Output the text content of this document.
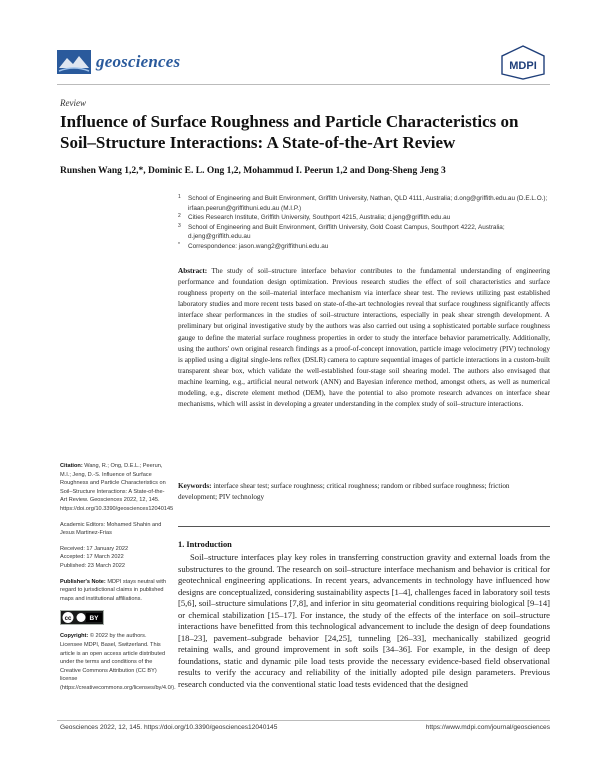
geosciences	MDPI
Review
Influence of Surface Roughness and Particle Characteristics on Soil–Structure Interactions: A State-of-the-Art Review
Runshen Wang 1,2,*, Dominic E. L. Ong 1,2, Mohammud I. Peerun 1,2 and Dong-Sheng Jeng 3
1 School of Engineering and Built Environment, Griffith University, Nathan, QLD 4111, Australia; d.ong@griffith.edu.au (D.E.L.O.); irfaan.peerun@griffithuni.edu.au (M.I.P.)
2 Cities Research Institute, Griffith University, Southport 4215, Australia; d.jeng@griffith.edu.au
3 School of Engineering and Built Environment, Griffith University, Gold Coast Campus, Southport 4222, Australia; d.jeng@griffith.edu.au
* Correspondence: jason.wang2@griffithuni.edu.au
Abstract: The study of soil–structure interface behavior contributes to the fundamental understanding of engineering performance and foundation design optimization. Previous research studies the effect of soil characteristics and surface roughness property on the soil–material interface mechanism via interface shear test. The reviews utilizing past established laboratory studies and more recent tests based on state-of-the-art technologies reveal that surface roughness significantly affects interface shear performances in the studies of soil–structure interactions, especially in peak shear strength development. A preliminary but original investigative study by the authors was also carried out using a sophisticated portable surface roughness gauge to define the material surface roughness properties in order to study the interface behavior parametrically. Additionally, using the authors' own original research findings as a proof-of-concept innovation, particle image velocimetry (PIV) technology is applied using a digital single-lens reflex (DSLR) camera to capture sequential images of particle interactions in a custom-built transparent shear box, which validate the well-established four-stage soil shearing model. The authors also envisaged that machine learning, e.g., artificial neural network (ANN) and Bayesian inference method, amongst others, as well as numerical modeling, e.g., discrete element method (DEM), have the potential to also promote research advances on interface shear mechanisms, which will assist in developing a greater understanding in the complex study of soil–structure interactions.
Keywords: interface shear test; surface roughness; critical roughness; random or ribbed surface roughness; friction development; PIV technology

Citation: Wang, R.; Ong, D.E.L.; Peerun, M.I.; Jeng, D.-S. Influence of Surface Roughness and Particle Characteristics on Soil–Structure Interactions: A State-of-the-Art Review. Geosciences 2022, 12, 145. https://doi.org/10.3390/geosciences12040145

Academic Editors: Mohamed Shahin and Jesus Martinez-Frias

Received: 17 January 2022
Accepted: 17 March 2022
Published: 23 March 2022

Publisher's Note: MDPI stays neutral with regard to jurisdictional claims in published maps and institutional affiliations.

cc	BY

Copyright: © 2022 by the authors. Licensee MDPI, Basel, Switzerland. This article is an open access article distributed under the terms and conditions of the Creative Commons Attribution (CC BY) license (https://creativecommons.org/licenses/by/4.0/).

1. Introduction

Soil–structure interfaces play key roles in transferring construction gravity and external loads from the substructures to the ground. The research on soil–structure interface mechanism and behavior is critical for geotechnical engineering applications. In recent years, advancements in technology have influenced how designs are conceptualized, considering sustainability aspects [1–4], challenges faced in laboratory soil tests [5,6], soil–structure simulations [7,8], and inferior in situ geomaterial conditions requiring biological [9–14] or chemical stabilization [15–17]. For instance, the study of the effects of the interface on soil–structure interactions have benefitted from this technological advancement to include the design of deep foundations [18–23], pavement–subgrade behavior [24,25], tunneling [26–33], mechanically stabilized geogrid retaining walls, and ground improvement in soft soils [34–36]. For example, in the design of deep foundations, static and dynamic pile load tests provide the necessary evidence-based field observational results to verify the accuracy and reliability of the initially adopted pile design parameters. Previous research conducted via the conventional static load tests evidenced that the designed

Geosciences 2022, 12, 145. https://doi.org/10.3390/geosciences12040145	https://www.mdpi.com/journal/geosciences
